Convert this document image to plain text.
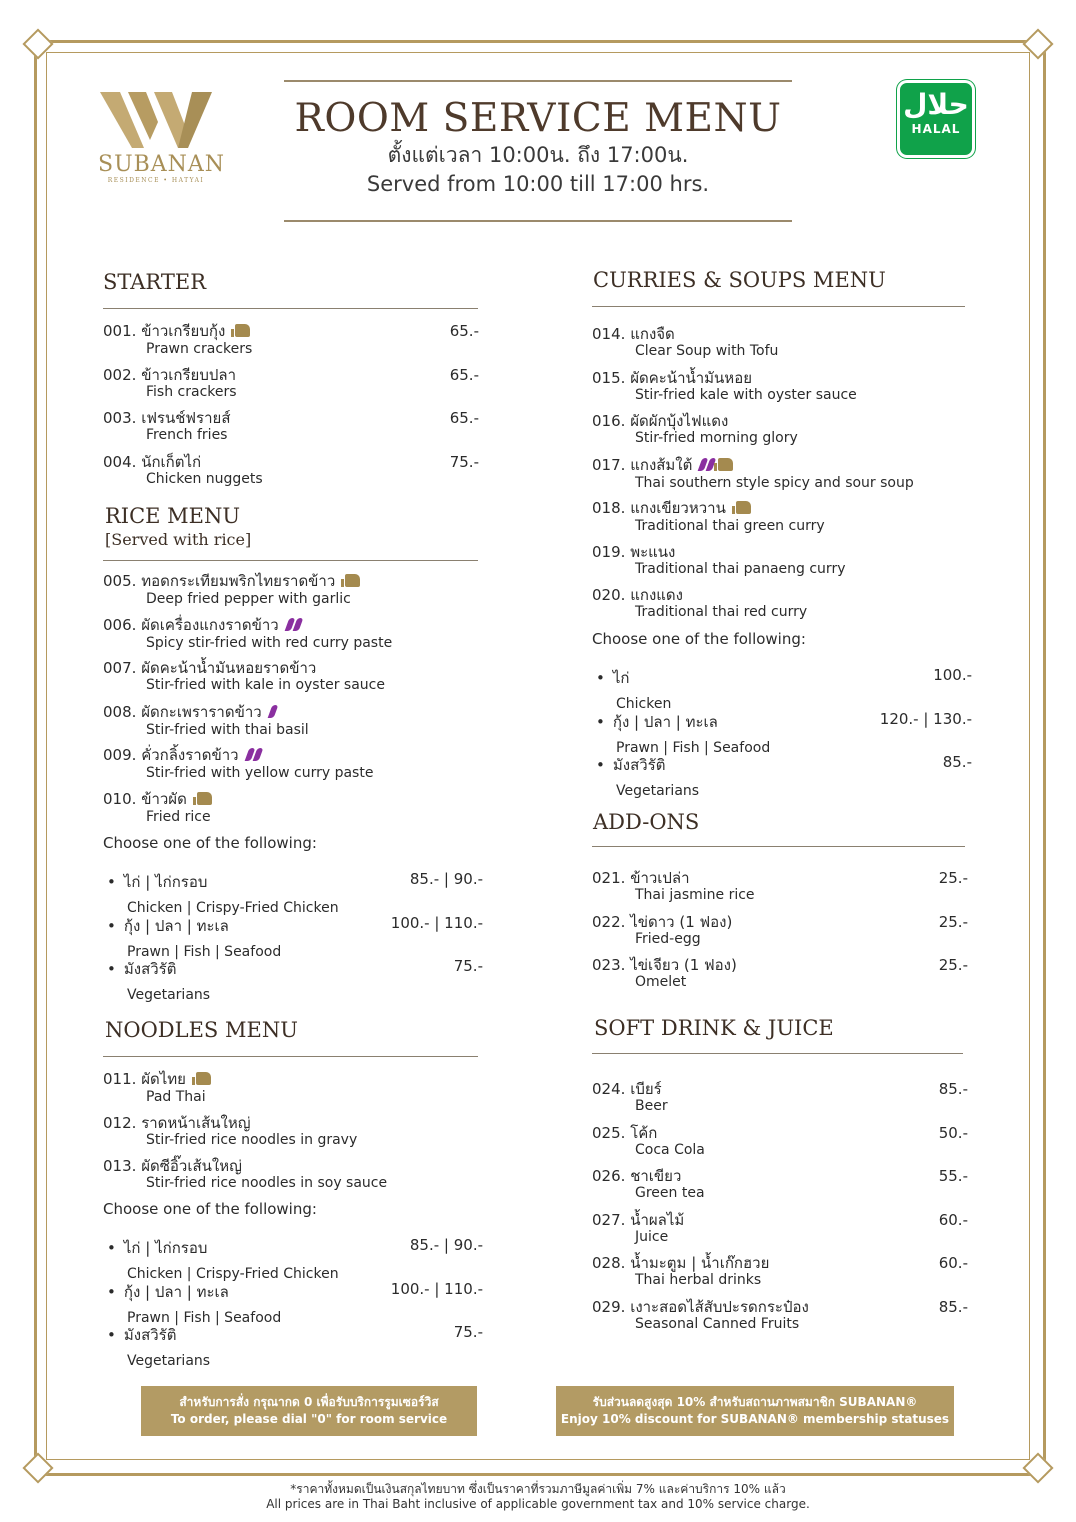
SUBANAN
RESIDENCE • HATYAI
حلال
HALAL
ROOM SERVICE MENU
ตั้งแต่เวลา 10:00น. ถึง 17:00น.
Served from 10:00 till 17:00 hrs.
STARTER
001. ข้าวเกรียบกุ้ง
Prawn crackers
65.-
002. ข้าวเกรียบปลา
Fish crackers
65.-
003. เฟรนช์ฟรายส์
French fries
65.-
004. นักเก็ตไก่
Chicken nuggets
75.-
RICE MENU
[Served with rice]
005. ทอดกระเทียมพริกไทยราดข้าว
Deep fried pepper with garlic
006. ผัดเครื่องแกงราดข้าว
Spicy stir-fried with red curry paste
007. ผัดคะน้าน้ำมันหอยราดข้าว
Stir-fried with kale in oyster sauce
008. ผัดกะเพราราดข้าว
Stir-fried with thai basil
009. คั่วกลิ้งราดข้าว
Stir-fried with yellow curry paste
010. ข้าวผัด
Fried rice
Choose one of the following:
• ไก่ | ไก่กรอบ
Chicken | Crispy-Fried Chicken
85.- | 90.-
• กุ้ง | ปลา | ทะเล
Prawn | Fish | Seafood
100.- | 110.-
• มังสวิรัติ
Vegetarians
75.-
NOODLES MENU
011. ผัดไทย
Pad Thai
012. ราดหน้าเส้นใหญ่
Stir-fried rice noodles in gravy
013. ผัดซีอิ๊วเส้นใหญ่
Stir-fried rice noodles in soy sauce
Choose one of the following:
• ไก่ | ไก่กรอบ
Chicken | Crispy-Fried Chicken
85.- | 90.-
• กุ้ง | ปลา | ทะเล
Prawn | Fish | Seafood
100.- | 110.-
• มังสวิรัติ
Vegetarians
75.-
CURRIES & SOUPS MENU
014. แกงจืด
Clear Soup with Tofu
015. ผัดคะน้าน้ำมันหอย
Stir-fried kale with oyster sauce
016. ผัดผักบุ้งไฟแดง
Stir-fried morning glory
017. แกงส้มใต้
Thai southern style spicy and sour soup
018. แกงเขียวหวาน
Traditional thai green curry
019. พะแนง
Traditional thai panaeng curry
020. แกงแดง
Traditional thai red curry
Choose one of the following:
• ไก่
Chicken
100.-
• กุ้ง | ปลา | ทะเล
Prawn | Fish | Seafood
120.- | 130.-
• มังสวิรัติ
Vegetarians
85.-
ADD-ONS
021. ข้าวเปล่า
Thai jasmine rice
25.-
022. ไข่ดาว (1 ฟอง)
Fried-egg
25.-
023. ไข่เจียว (1 ฟอง)
Omelet
25.-
SOFT DRINK & JUICE
024. เบียร์
Beer
85.-
025. โค้ก
Coca Cola
50.-
026. ชาเขียว
Green tea
55.-
027. น้ำผลไม้
Juice
60.-
028. น้ำมะตูม | น้ำเก๊กฮวย
Thai herbal drinks
60.-
029. เงาะสอดไส้สับปะรดกระป๋อง
Seasonal Canned Fruits
85.-
สำหรับการสั่ง กรุณากด 0 เพื่อรับบริการรูมเซอร์วิส
To order, please dial "0" for room service
รับส่วนลดสูงสุด 10% สำหรับสถานภาพสมาชิก SUBANAN®
Enjoy 10% discount for SUBANAN® membership statuses
*ราคาทั้งหมดเป็นเงินสกุลไทยบาท ซึ่งเป็นราคาที่รวมภาษีมูลค่าเพิ่ม 7% และค่าบริการ 10% แล้ว
All prices are in Thai Baht inclusive of applicable government tax and 10% service charge.
